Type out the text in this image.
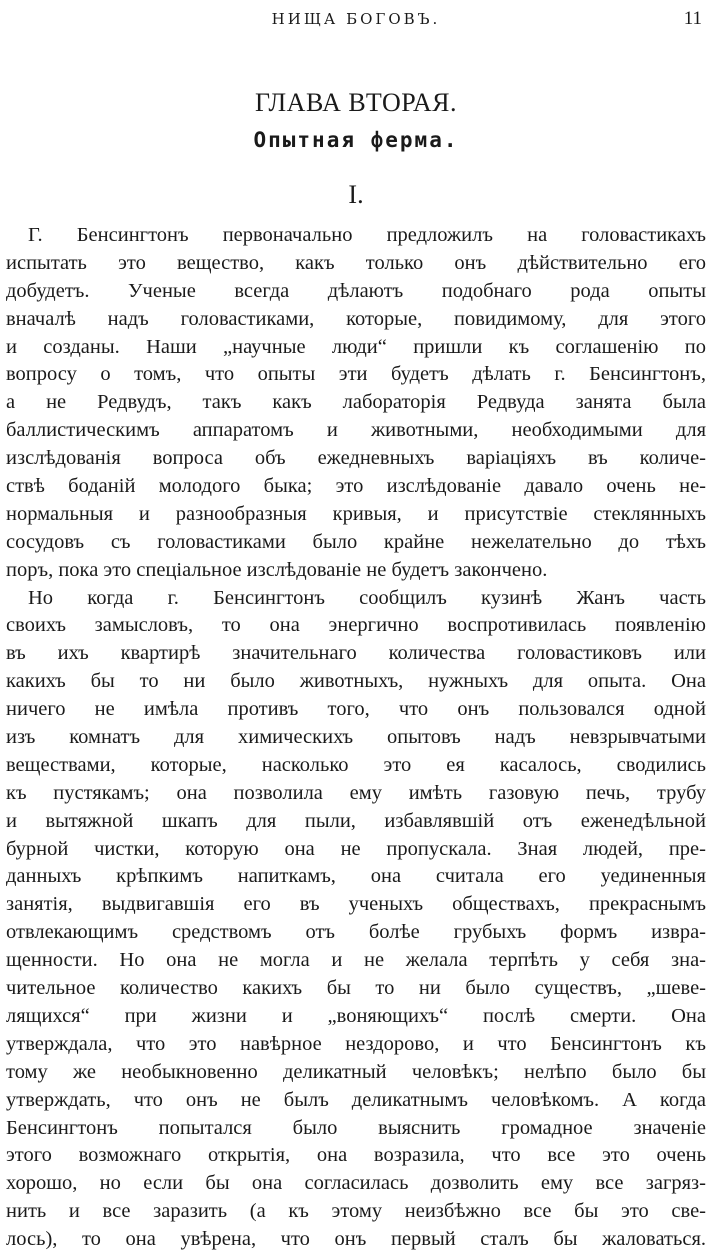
НИЩА БОГОВЪ.	11
ГЛАВА ВТОРАЯ.
Опытная ферма.
I.
Г. Бенсингтонъ первоначально предложилъ на головастикахъ
испытать это вещество, какъ только онъ дѣйствительно его
добудетъ. Ученые всегда дѣлаютъ подобнаго рода опыты
вначалѣ надъ головастиками, которые, повидимому, для этого
и созданы. Наши „научные люди“ пришли къ соглашенію по
вопросу о томъ, что опыты эти будетъ дѣлать г. Бенсингтонъ,
а не Редвудъ, такъ какъ лабораторія Редвуда занята была
баллистическимъ аппаратомъ и животными, необходимыми для
изслѣдованія вопроса объ ежедневныхъ варіацiяхъ въ количе-
ствѣ боданій молодого быка; это изслѣдованіе давало очень не-
нормальныя и разнообразныя кривыя, и присутствіе стеклянныхъ
сосудовъ съ головастиками было крайне нежелательно до тѣхъ
поръ, пока это спеціальное изслѣдованіе не будетъ закончено.
Но когда г. Бенсингтонъ сообщилъ кузинѣ Жанъ часть
своихъ замысловъ, то она энергично воспротивилась появленію
въ ихъ квартирѣ значительнаго количества головастиковъ или
какихъ бы то ни было животныхъ, нужныхъ для опыта. Она
ничего не имѣла противъ того, что онъ пользовался одной
изъ комнатъ для химическихъ опытовъ надъ невзрывчатыми
веществами, которые, насколько это ея касалось, сводились
къ пустякамъ; она позволила ему имѣть газовую печь, трубу
и вытяжной шкапъ для пыли, избавлявшій отъ еженедѣльной
бурной чистки, которую она не пропускала. Зная людей, пре-
данныхъ крѣпкимъ напиткамъ, она считала его уединенныя
занятія, выдвигавшія его въ ученыхъ обществахъ, прекраснымъ
отвлекающимъ средствомъ отъ болѣе грубыхъ формъ извра-
щенности. Но она не могла и не желала терпѣть у себя зна-
чительное количество какихъ бы то ни было существъ, „шеве-
лящихся“ при жизни и „воняющихъ“ послѣ смерти. Она
утверждала, что это навѣрное нездорово, и что Бенсингтонъ къ
тому же необыкновенно деликатный человѣкъ; нелѣпо было бы
утверждать, что онъ не былъ деликатнымъ человѣкомъ. А когда
Бенсингтонъ попытался было выяснить громадное значеніе
этого возможнаго открытія, она возразила, что все это очень
хорошо, но если бы она согласилась дозволить ему все загряз-
нить и все заразить (а къ этому неизбѣжно все бы это све-
лось), то она увѣрена, что онъ первый сталъ бы жаловаться.
